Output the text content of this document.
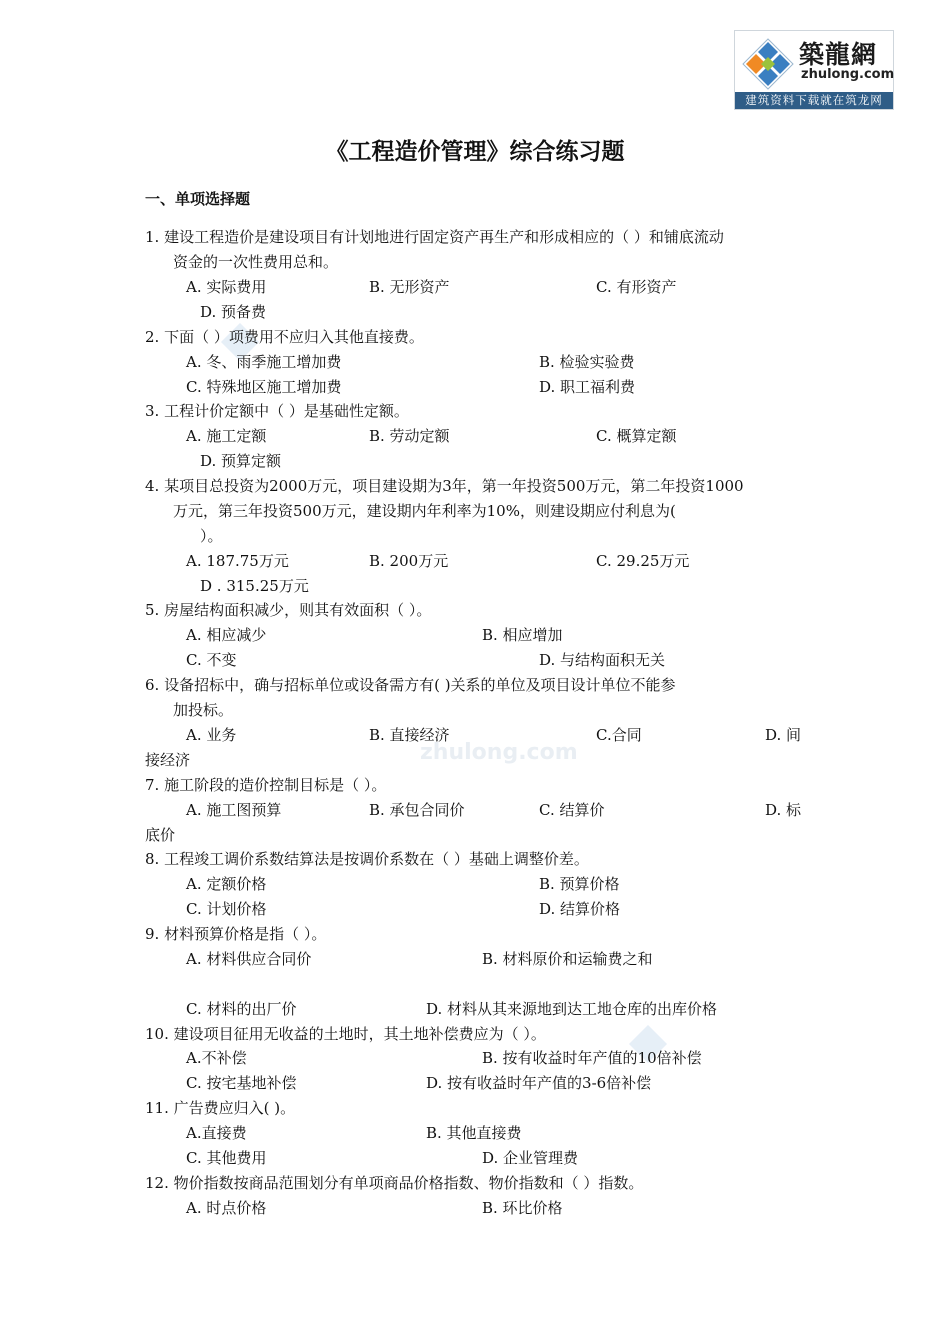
築龍網
zhulong.com
建筑资料下载就在筑龙网
zhulong.com
《工程造价管理》综合练习题
一、单项选择题
1. 建设工程造价是建设项目有计划地进行固定资产再生产和形成相应的（ ）和铺底流动
资金的一次性费用总和。
A. 实际费用	B. 无形资产	C. 有形资产
D. 预备费
2. 下面（ ）项费用不应归入其他直接费。
A. 冬、雨季施工增加费	B. 检验实验费
C. 特殊地区施工增加费	D. 职工福利费
3. 工程计价定额中（ ）是基础性定额。
A. 施工定额	B. 劳动定额	C. 概算定额
D. 预算定额
4. 某项目总投资为2000万元，项目建设期为3年，第一年投资500万元，第二年投资1000
万元，第三年投资500万元，建设期内年利率为10%，则建设期应付利息为(
）。
A. 187.75万元	B. 200万元	C. 29.25万元
D . 315.25万元
5. 房屋结构面积减少，则其有效面积（ ）。
A. 相应减少	B. 相应增加
C. 不变	D. 与结构面积无关
6. 设备招标中，确与招标单位或设备需方有( )关系的单位及项目设计单位不能参
加投标。
A. 业务	B. 直接经济	C.合同	D. 间
接经济
7. 施工阶段的造价控制目标是（ ）。
A. 施工图预算	B. 承包合同价	C. 结算价	D. 标
底价
8. 工程竣工调价系数结算法是按调价系数在（ ）基础上调整价差。
A. 定额价格	B. 预算价格
C. 计划价格	D. 结算价格
9. 材料预算价格是指（ ）。
A. 材料供应合同价	B. 材料原价和运输费之和
C. 材料的出厂价	D. 材料从其来源地到达工地仓库的出库价格
10. 建设项目征用无收益的土地时，其土地补偿费应为（ ）。
A.不补偿	B. 按有收益时年产值的10倍补偿
C. 按宅基地补偿	D. 按有收益时年产值的3-6倍补偿
11. 广告费应归入( )。
A.直接费	B. 其他直接费
C. 其他费用	D. 企业管理费
12. 物价指数按商品范围划分有单项商品价格指数、物价指数和（ ）指数。
A. 时点价格	B. 环比价格
